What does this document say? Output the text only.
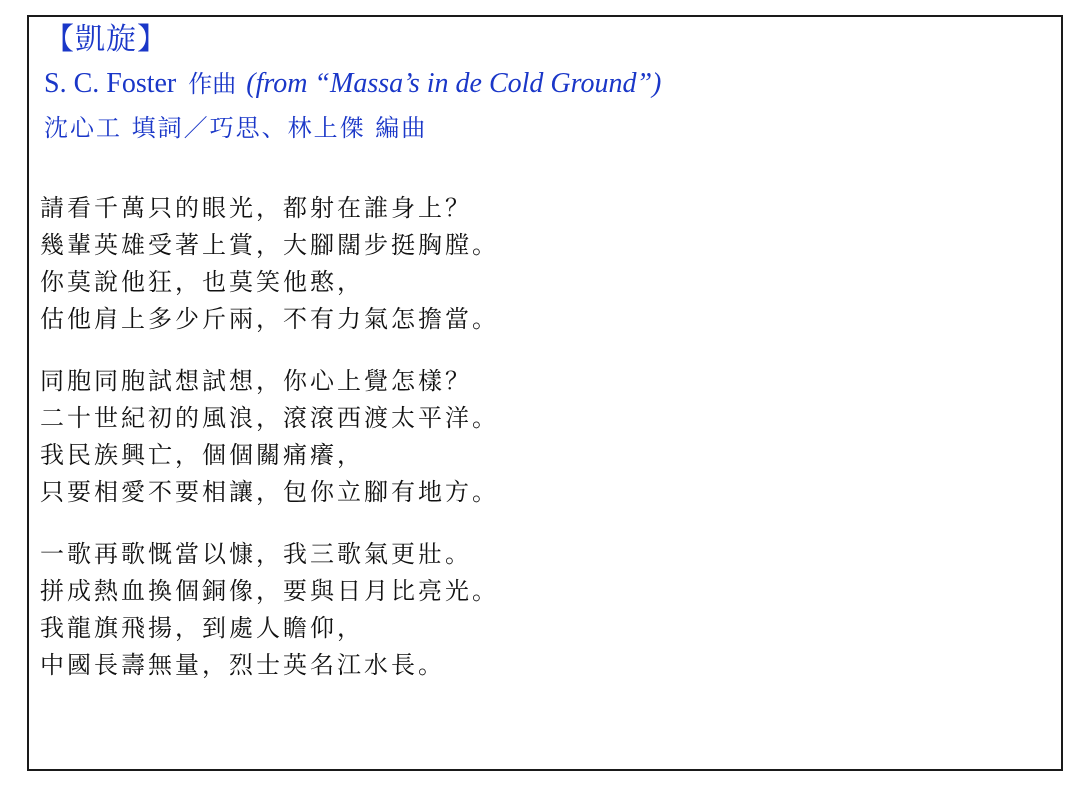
【凱旋】
S. C. Foster 作曲 (from “Massa’s in de Cold Ground”)
沈心工 填詞／巧思、林上傑 編曲
請看千萬只的眼光，都射在誰身上？
幾輩英雄受著上賞，大腳闊步挺胸膛。
你莫說他狂，也莫笑他憨，
估他肩上多少斤兩，不有力氣怎擔當。
同胞同胞試想試想，你心上覺怎樣？
二十世紀初的風浪，滾滾西渡太平洋。
我民族興亡，個個關痛癢，
只要相愛不要相讓，包你立腳有地方。
一歌再歌慨當以慷，我三歌氣更壯。
拼成熱血換個銅像，要與日月比亮光。
我龍旗飛揚，到處人瞻仰，
中國長壽無量，烈士英名江水長。
